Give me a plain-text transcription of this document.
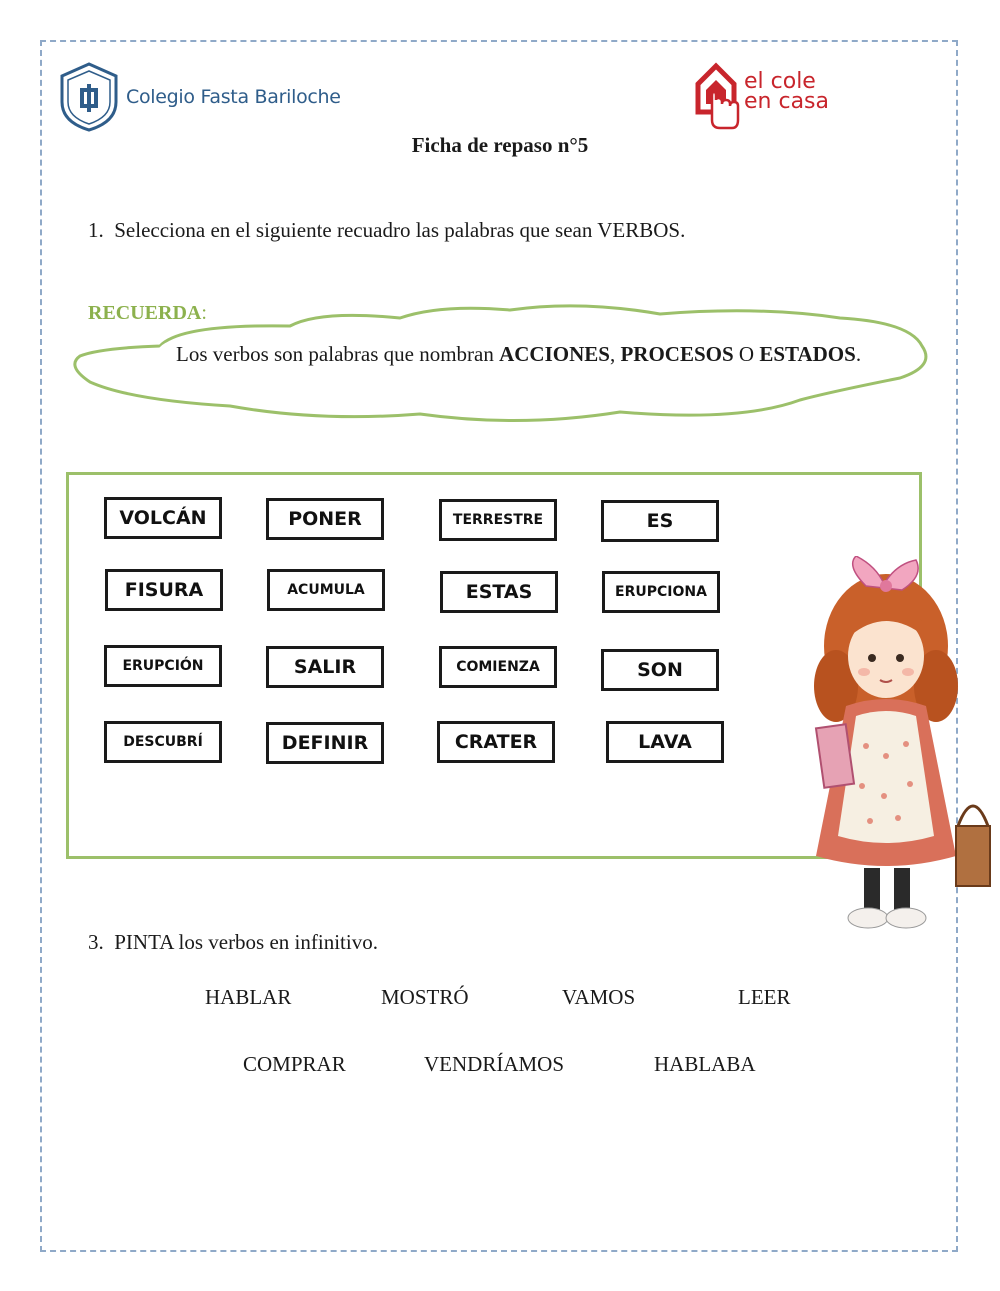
Colegio Fasta Bariloche
el cole
en casa
Ficha de repaso n°5
1. Selecciona en el siguiente recuadro las palabras que sean VERBOS.
RECUERDA:
Los verbos son palabras que nombran ACCIONES, PROCESOS O ESTADOS.
VOLCÁN	PONER	TERRESTRE	ES
FISURA	ACUMULA	ESTAS	ERUPCIONA
ERUPCIÓN	SALIR	COMIENZA	SON
DESCUBRÍ	DEFINIR	CRATER	LAVA
3. PINTA los verbos en infinitivo.
HABLAR	MOSTRÓ	VAMOS	LEER
COMPRAR	VENDRÍAMOS	HABLABA
